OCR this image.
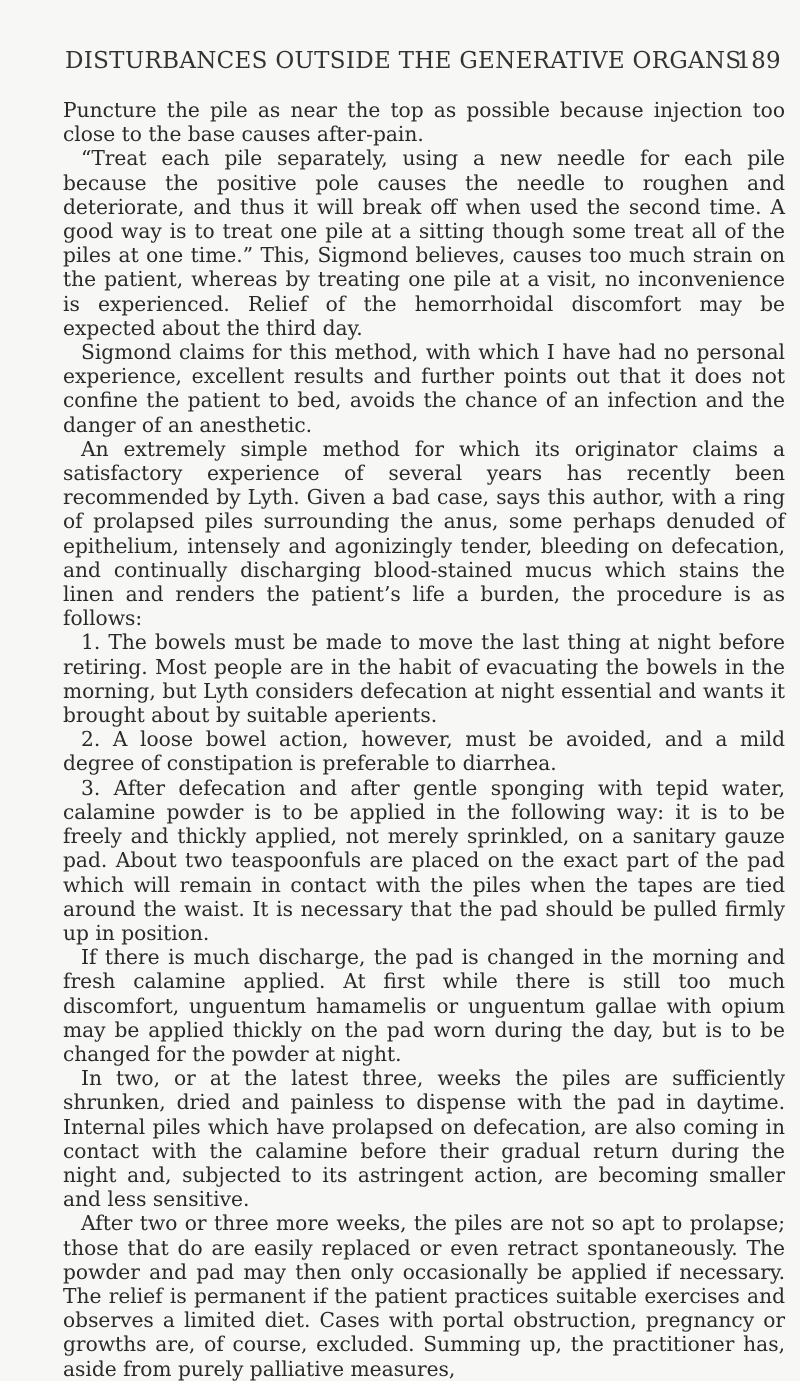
DISTURBANCES OUTSIDE THE GENERATIVE ORGANS
189

Puncture the pile as near the top as possible because injection too close to the base causes after-pain.

“Treat each pile separately, using a new needle for each pile because the positive pole causes the needle to roughen and deteriorate, and thus it will break off when used the second time. A good way is to treat one pile at a sitting though some treat all of the piles at one time.” This, Sigmond believes, causes too much strain on the patient, whereas by treating one pile at a visit, no inconvenience is experienced. Relief of the hemorrhoidal discomfort may be expected about the third day.

Sigmond claims for this method, with which I have had no personal experience, excellent results and further points out that it does not confine the patient to bed, avoids the chance of an infection and the danger of an anesthetic.

An extremely simple method for which its originator claims a satisfactory experience of several years has recently been recommended by Lyth. Given a bad case, says this author, with a ring of prolapsed piles surrounding the anus, some perhaps denuded of epithelium, intensely and agonizingly tender, bleeding on defecation, and continually discharging blood-stained mucus which stains the linen and renders the patient’s life a burden, the procedure is as follows:

1. The bowels must be made to move the last thing at night before retiring. Most people are in the habit of evacuating the bowels in the morning, but Lyth considers defecation at night essential and wants it brought about by suitable aperients.

2. A loose bowel action, however, must be avoided, and a mild degree of constipation is preferable to diarrhea.

3. After defecation and after gentle sponging with tepid water, calamine powder is to be applied in the following way: it is to be freely and thickly applied, not merely sprinkled, on a sanitary gauze pad. About two teaspoonfuls are placed on the exact part of the pad which will remain in contact with the piles when the tapes are tied around the waist. It is necessary that the pad should be pulled firmly up in position.

If there is much discharge, the pad is changed in the morning and fresh calamine applied. At first while there is still too much discomfort, unguentum hamamelis or unguentum gallae with opium may be applied thickly on the pad worn during the day, but is to be changed for the powder at night.

In two, or at the latest three, weeks the piles are sufficiently shrunken, dried and painless to dispense with the pad in daytime. Internal piles which have prolapsed on defecation, are also coming in contact with the calamine before their gradual return during the night and, subjected to its astringent action, are becoming smaller and less sensitive.

After two or three more weeks, the piles are not so apt to prolapse; those that do are easily replaced or even retract spontaneously. The powder and pad may then only occasionally be applied if necessary. The relief is permanent if the patient practices suitable exercises and observes a limited diet. Cases with portal obstruction, pregnancy or growths are, of course, excluded. Summing up, the practitioner has, aside from purely palliative measures,
